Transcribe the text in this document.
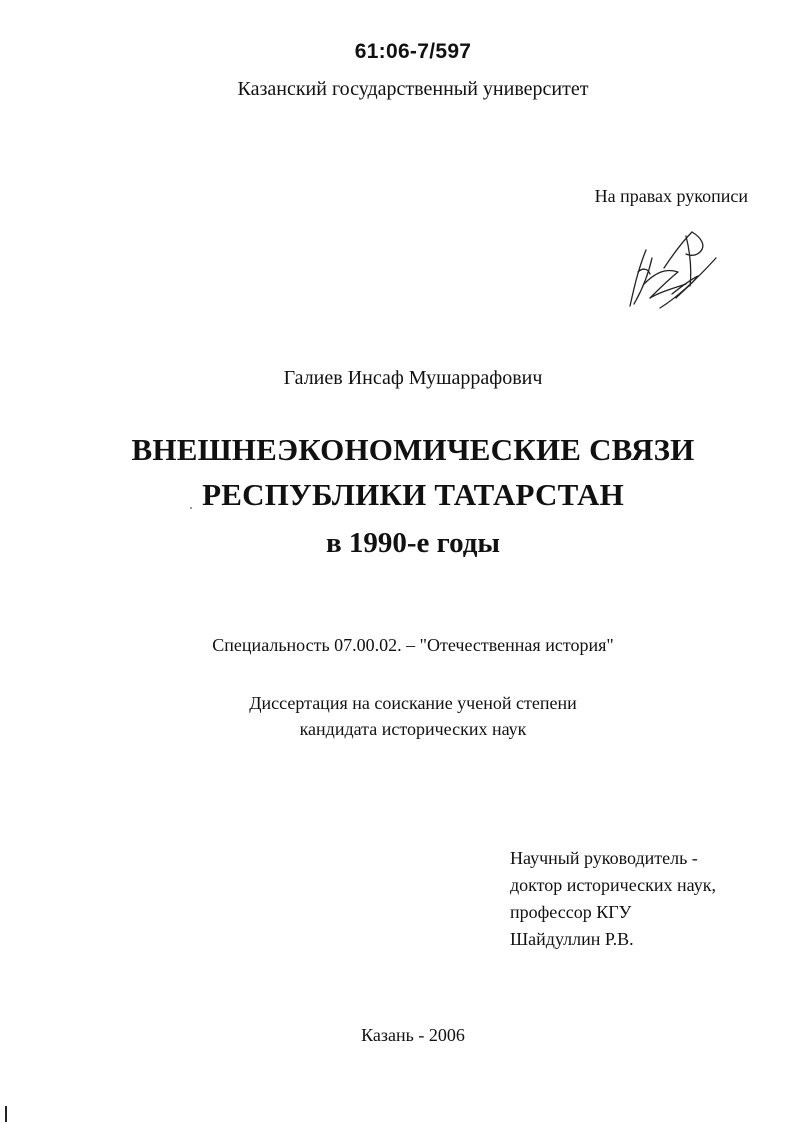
61:06-7/597

Казанский государственный университет

На правах рукописи

Галиев Инсаф Мушаррафович

ВНЕШНЕЭКОНОМИЧЕСКИЕ СВЯЗИ
РЕСПУБЛИКИ ТАТАРСТАН
в 1990-е годы

Специальность 07.00.02. – "Отечественная история"

Диссертация на соискание ученой степени
кандидата исторических наук
Научный руководитель -
доктор исторических наук,
профессор КГУ
Шайдуллин Р.В.

Казань - 2006
